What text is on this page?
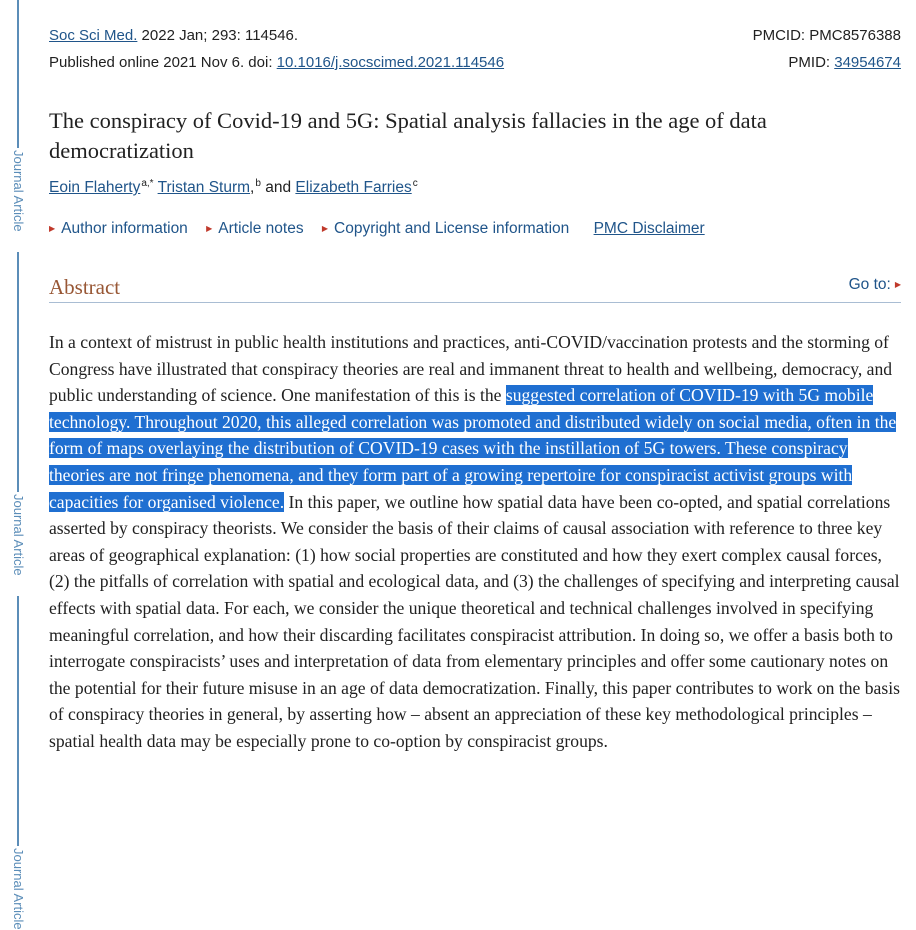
Journal Article
Journal Article
Journal Article
Soc Sci Med. 2022 Jan; 293: 114546.	PMCID: PMC8576388
Published online 2021 Nov 6. doi: 10.1016/j.socscimed.2021.114546	PMID: 34954674
The conspiracy of Covid-19 and 5G: Spatial analysis fallacies in the age of data democratization
Eoin Flaherty$^{a,*}$ Tristan Sturm,$^b$ and Elizabeth Farries$^c$
▶ Author information ▶ Article notes ▶ Copyright and License information PMC Disclaimer
Abstract	Go to: ▶

In a context of mistrust in public health institutions and practices, anti-COVID/vaccination protests and the storming of Congress have illustrated that conspiracy theories are real and immanent threat to health and wellbeing, democracy, and public understanding of science. One manifestation of this is the suggested correlation of COVID-19 with 5G mobile technology. Throughout 2020, this alleged correlation was promoted and distributed widely on social media, often in the form of maps overlaying the distribution of COVID-19 cases with the instillation of 5G towers. These conspiracy theories are not fringe phenomena, and they form part of a growing repertoire for conspiracist activist groups with capacities for organised violence. In this paper, we outline how spatial data have been co-opted, and spatial correlations asserted by conspiracy theorists. We consider the basis of their claims of causal association with reference to three key areas of geographical explanation: (1) how social properties are constituted and how they exert complex causal forces, (2) the pitfalls of correlation with spatial and ecological data, and (3) the challenges of specifying and interpreting causal effects with spatial data. For each, we consider the unique theoretical and technical challenges involved in specifying meaningful correlation, and how their discarding facilitates conspiracist attribution. In doing so, we offer a basis both to interrogate conspiracists’ uses and interpretation of data from elementary principles and offer some cautionary notes on the potential for their future misuse in an age of data democratization. Finally, this paper contributes to work on the basis of conspiracy theories in general, by asserting how – absent an appreciation of these key methodological principles – spatial health data may be especially prone to co-option by conspiracist groups.
